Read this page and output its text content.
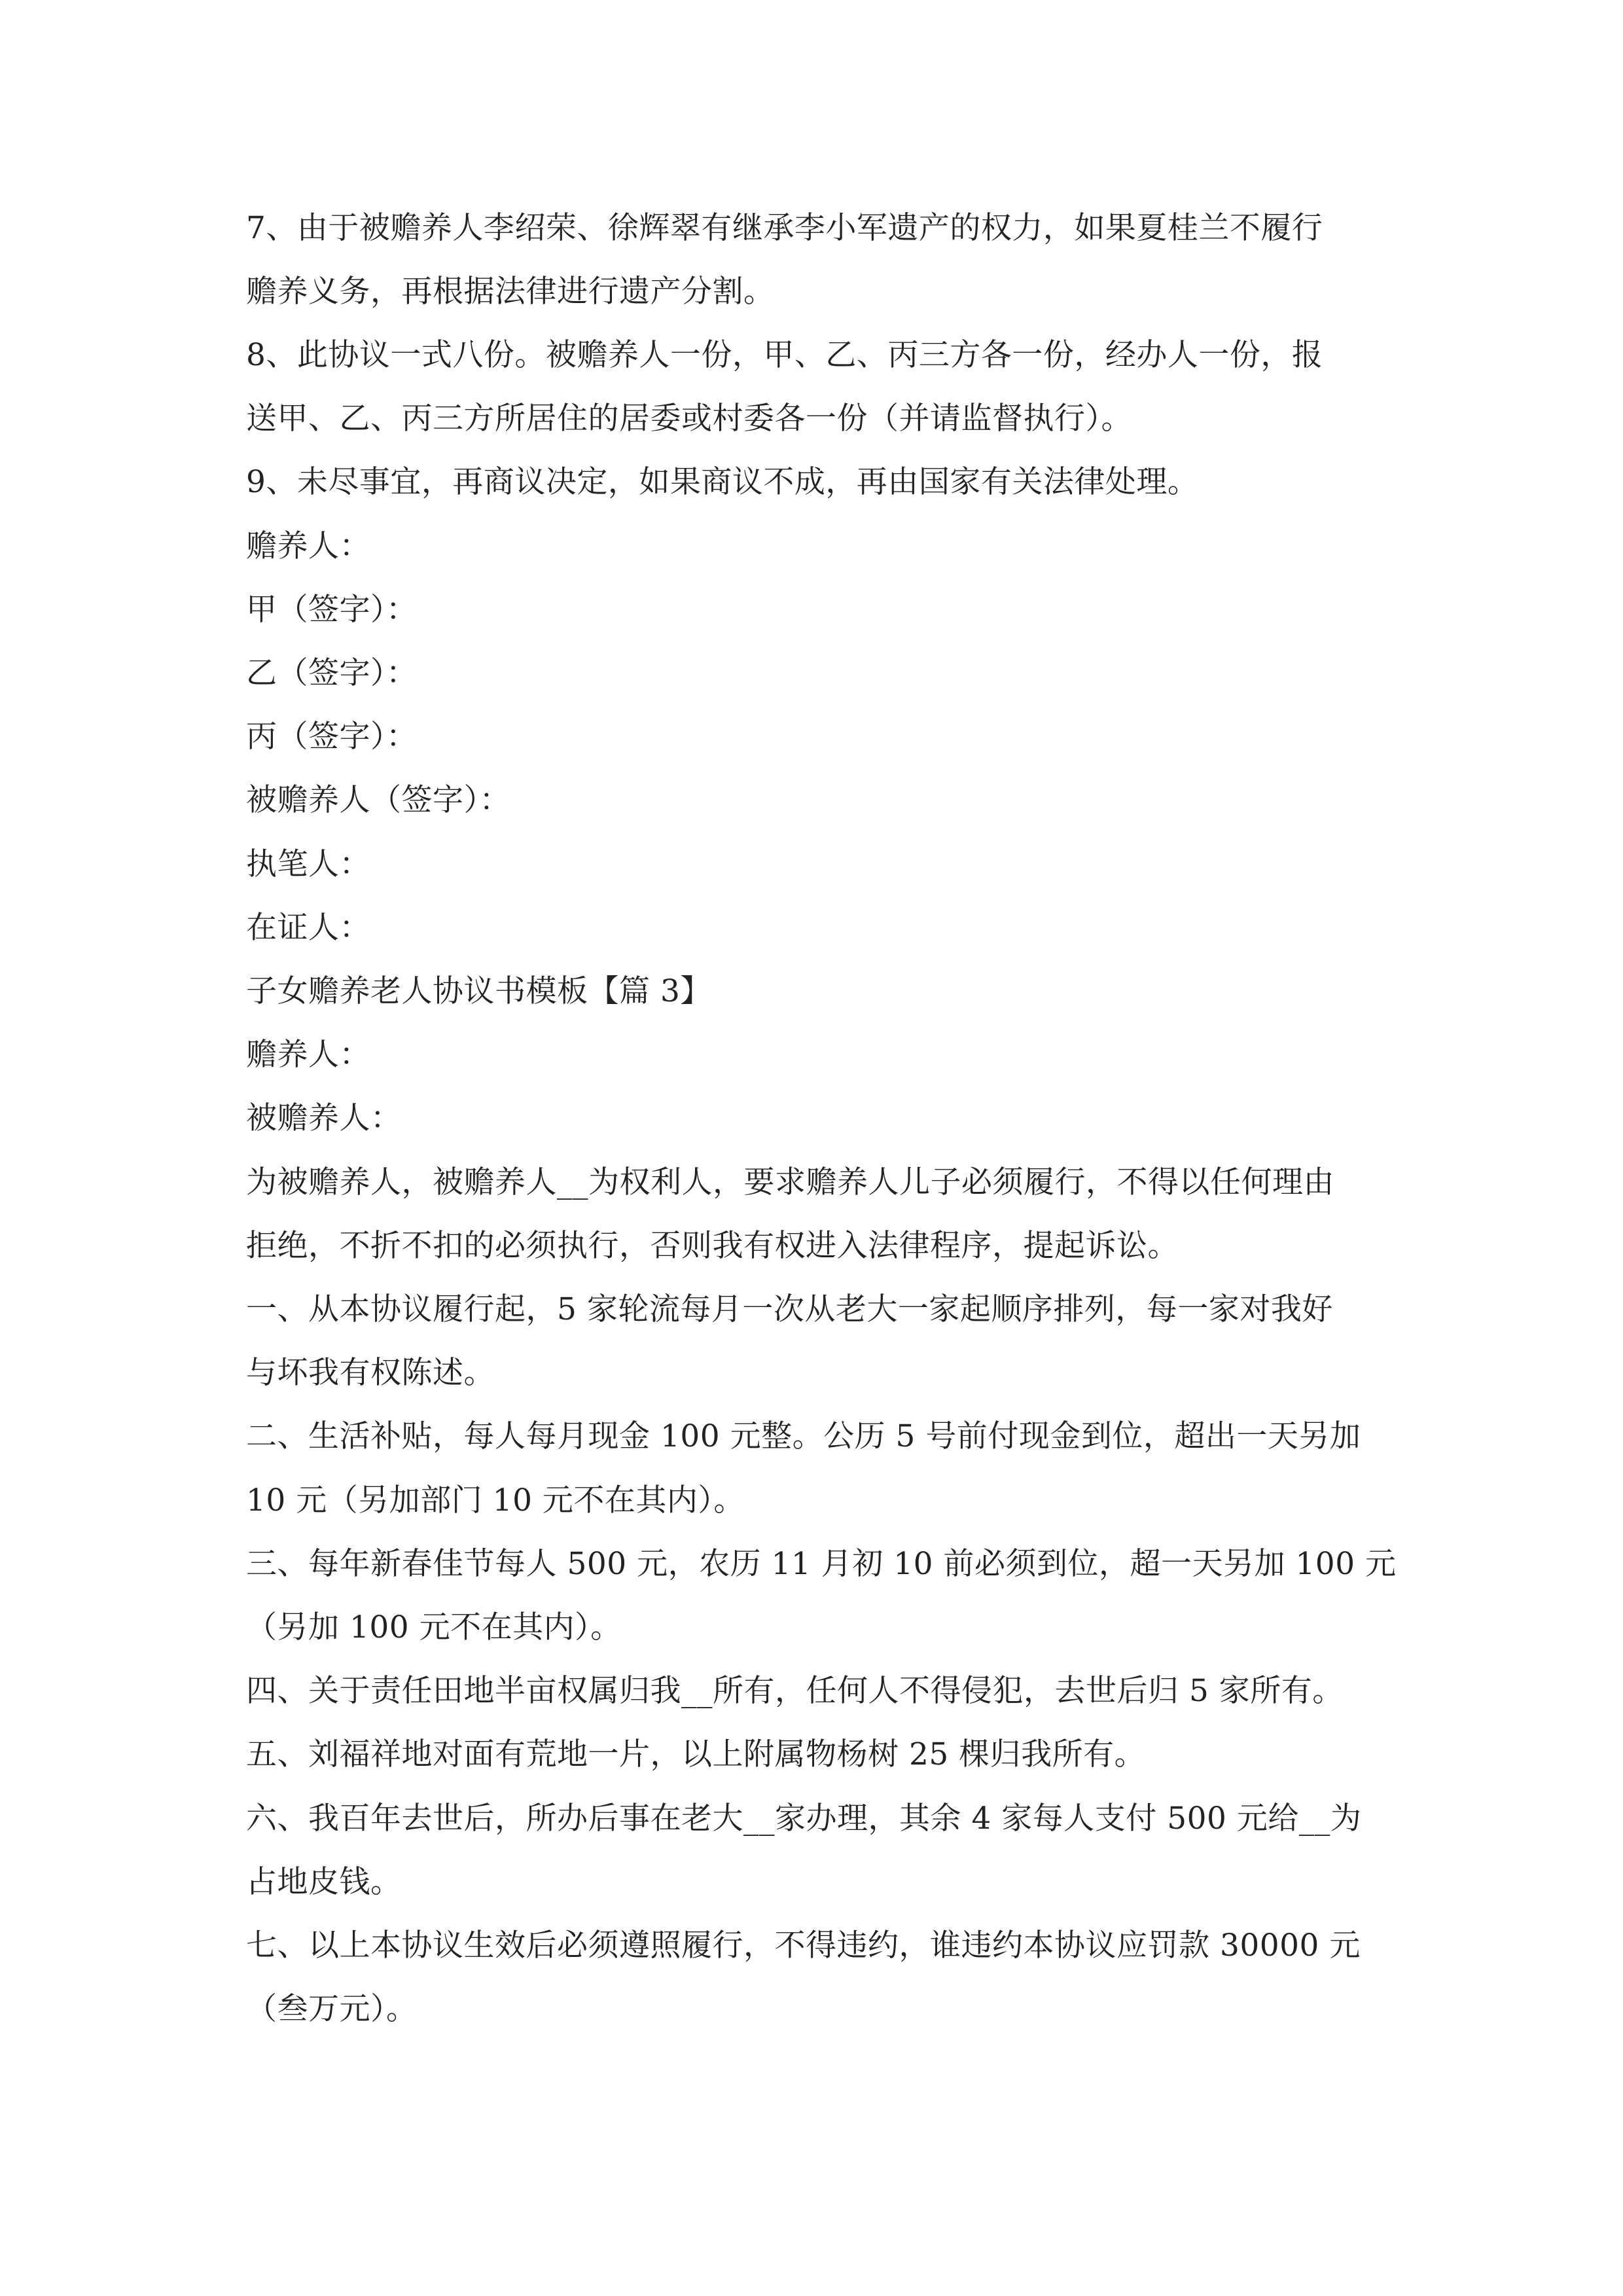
7、由于被赡养人李绍荣、徐辉翠有继承李小军遗产的权力，如果夏桂兰不履行
赡养义务，再根据法律进行遗产分割。
8、此协议一式八份。被赡养人一份，甲、乙、丙三方各一份，经办人一份，报
送甲、乙、丙三方所居住的居委或村委各一份（并请监督执行）。
9、未尽事宜，再商议决定，如果商议不成，再由国家有关法律处理。
赡养人：
甲（签字）：
乙（签字）：
丙（签字）：
被赡养人（签字）：
执笔人：
在证人：
子女赡养老人协议书模板【篇 3】
赡养人：
被赡养人：
为被赡养人，被赡养人__为权利人，要求赡养人儿子必须履行，不得以任何理由
拒绝，不折不扣的必须执行，否则我有权进入法律程序，提起诉讼。
一、从本协议履行起，5 家轮流每月一次从老大一家起顺序排列，每一家对我好
与坏我有权陈述。
二、生活补贴，每人每月现金 100 元整。公历 5 号前付现金到位，超出一天另加
10 元（另加部门 10 元不在其内）。
三、每年新春佳节每人 500 元，农历 11 月初 10 前必须到位，超一天另加 100 元
（另加 100 元不在其内）。
四、关于责任田地半亩权属归我__所有，任何人不得侵犯，去世后归 5 家所有。
五、刘福祥地对面有荒地一片，以上附属物杨树 25 棵归我所有。
六、我百年去世后，所办后事在老大__家办理，其余 4 家每人支付 500 元给__为
占地皮钱。
七、以上本协议生效后必须遵照履行，不得违约，谁违约本协议应罚款 30000 元
（叁万元）。
